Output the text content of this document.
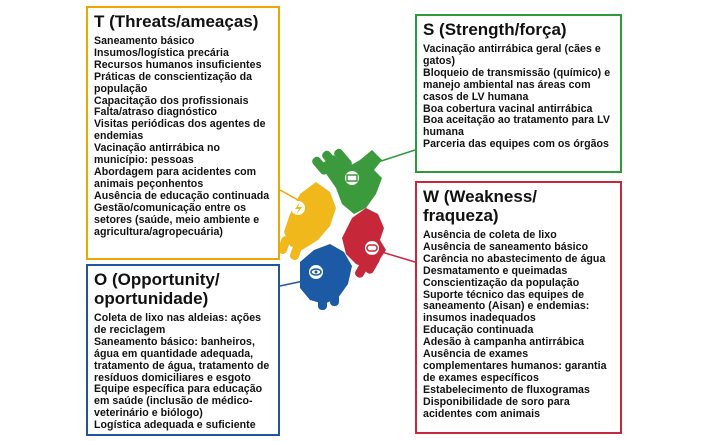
T (Threats/ameaças)
Saneamento básico
Insumos/logística precária
Recursos humanos insuficientes
Práticas de conscientização da população
Capacitação dos profissionais
Falta/atraso diagnóstico
Visitas periódicas dos agentes de endemias
Vacinação antirrábica no município: pessoas
Abordagem para acidentes com animais peçonhentos
Ausência de educação continuada
Gestão/comunicação entre os setores (saúde, meio ambiente e agricultura/agropecuária)
S (Strength/força)
Vacinação antirrábica geral (cães e gatos)
Bloqueio de transmissão (químico) e manejo ambiental nas áreas com casos de LV humana
Boa cobertura vacinal antirrábica
Boa aceitação ao tratamento para LV humana
Parceria das equipes com os órgãos
W (Weakness/ fraqueza)
Ausência de coleta de lixo
Ausência de saneamento básico
Carência no abastecimento de água
Desmatamento e queimadas
Conscientização da população
Suporte técnico das equipes de saneamento (Aisan) e endemias: insumos inadequados
Educação continuada
Adesão à campanha antirrábica
Ausência de exames complementares humanos: garantia de exames específicos
Estabelecimento de fluxogramas
Disponibilidade de soro para acidentes com animais
O (Opportunity/ oportunidade)
Coleta de lixo nas aldeias: ações de reciclagem
Saneamento básico: banheiros, água em quantidade adequada, tratamento de água, tratamento de resíduos domiciliares e esgoto
Equipe específica para educação em saúde (inclusão de médico-veterinário e biólogo)
Logística adequada e suficiente
